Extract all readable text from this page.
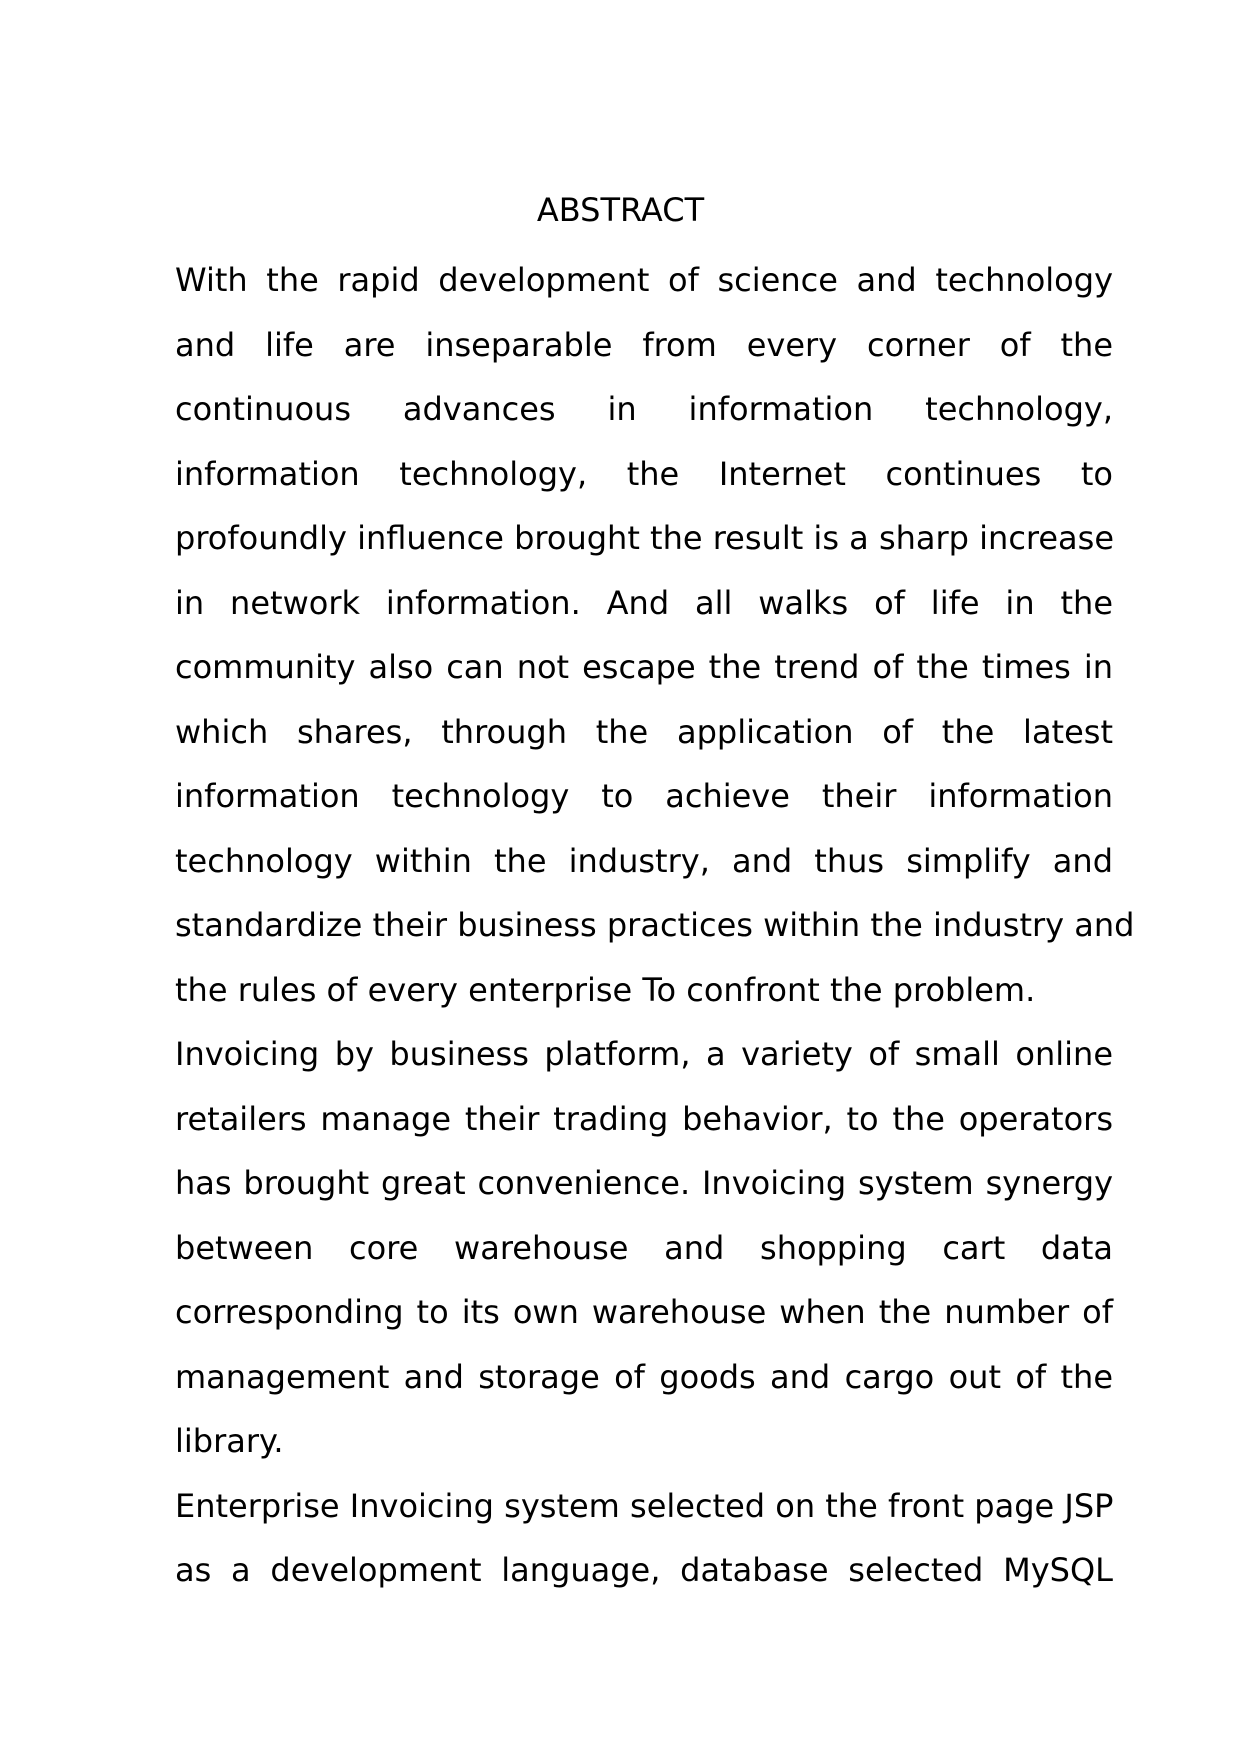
ABSTRACT
With the rapid development of science and technology
and life are inseparable from every corner of the
continuous advances in information technology,
information technology, the Internet continues to
profoundly influence brought the result is a sharp increase
in network information. And all walks of life in the
community also can not escape the trend of the times in
which shares, through the application of the latest
information technology to achieve their information
technology within the industry, and thus simplify and
standardize their business practices within the industry and
the rules of every enterprise To confront the problem.
Invoicing by business platform, a variety of small online
retailers manage their trading behavior, to the operators
has brought great convenience. Invoicing system synergy
between core warehouse and shopping cart data
corresponding to its own warehouse when the number of
management and storage of goods and cargo out of the
library.
Enterprise Invoicing system selected on the front page JSP
as a development language, database selected MySQL
